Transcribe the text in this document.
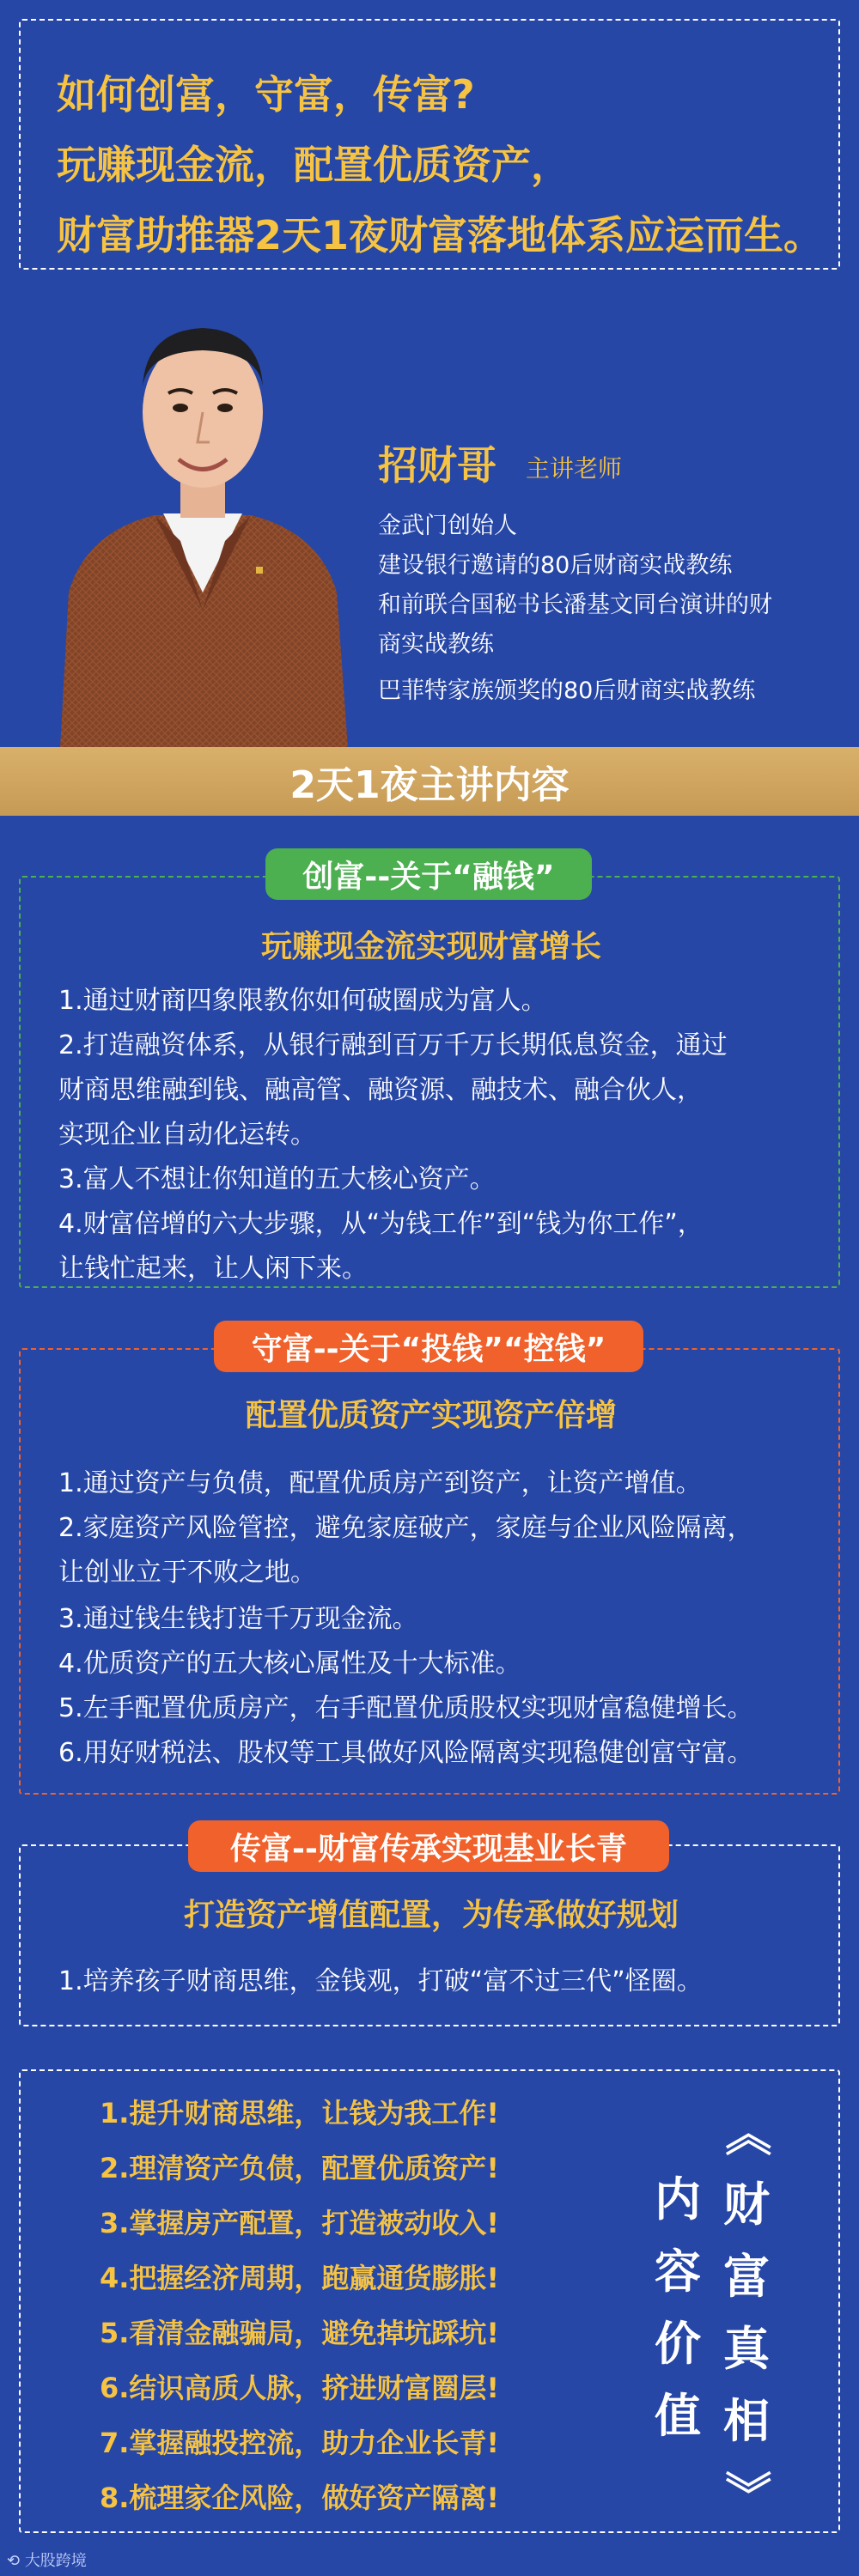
如何创富，守富，传富?
玩赚现金流，配置优质资产，
财富助推器2天1夜财富落地体系应运而生。
招财哥 主讲老师
金武门创始人
建设银行邀请的80后财商实战教练
和前联合国秘书长潘基文同台演讲的财
商实战教练
巴菲特家族颁奖的80后财商实战教练
2天1夜主讲内容
创富--关于“融钱”
玩赚现金流实现财富增长
1.通过财商四象限教你如何破圈成为富人。
2.打造融资体系，从银行融到百万千万长期低息资金，通过
财商思维融到钱、融高管、融资源、融技术、融合伙人，
实现企业自动化运转。
3.富人不想让你知道的五大核心资产。
4.财富倍增的六大步骤，从“为钱工作”到“钱为你工作”，
让钱忙起来，让人闲下来。
守富--关于“投钱”“控钱”
配置优质资产实现资产倍增
1.通过资产与负债，配置优质房产到资产，让资产增值。
2.家庭资产风险管控，避免家庭破产，家庭与企业风险隔离，
让创业立于不败之地。
3.通过钱生钱打造千万现金流。
4.优质资产的五大核心属性及十大标准。
5.左手配置优质房产，右手配置优质股权实现财富稳健增长。
6.用好财税法、股权等工具做好风险隔离实现稳健创富守富。
传富--财富传承实现基业长青
打造资产增值配置，为传承做好规划
1.培养孩子财商思维，金钱观，打破“富不过三代”怪圈。
1.提升财商思维，让钱为我工作!
2.理清资产负债，配置优质资产!
3.掌握房产配置，打造被动收入!
4.把握经济周期，跑赢通货膨胀!
5.看清金融骗局，避免掉坑踩坑!
6.结识高质人脉，挤进财富圈层!
7.掌握融投控流，助力企业长青!
8.梳理家企风险，做好资产隔离!
内
容
价
值
《
财
富
真
相
》
⟲ 大股跨境
